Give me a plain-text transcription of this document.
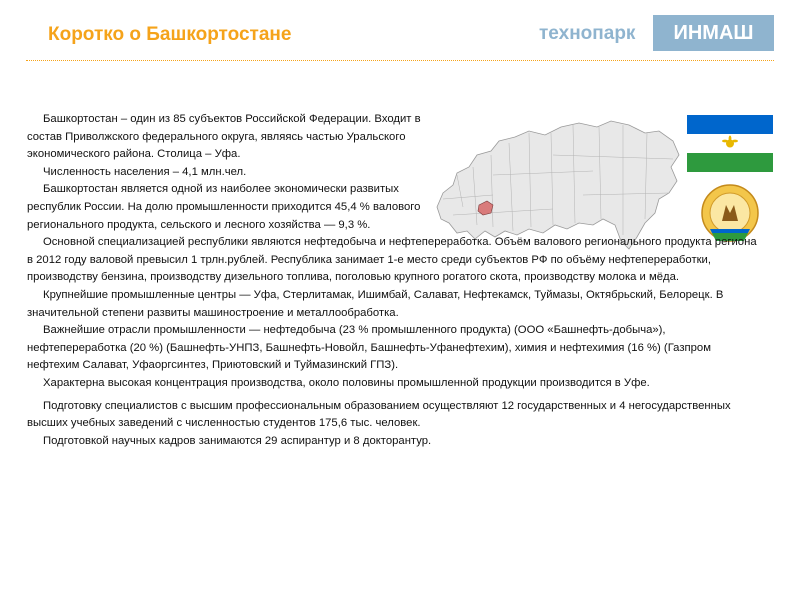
Коротко о Башкортостане	технопарк	ИНМАШ

Башкортостан – один из 85 субъектов Российской Федерации. Входит в состав Приволжского федерального округа, являясь частью Уральского экономического района. Столица – Уфа.

Численность населения – 4,1 млн.чел.

Башкортостан является одной из наиболее экономически развитых республик России. На долю промышленности приходится 45,4 % валового регионального продукта, сельского и лесного хозяйства — 9,3 %.

Основной специализацией республики являются нефтедобыча и нефтепереработка. Объём валового регионального продукта региона в 2012 году валовой превысил 1 трлн.рублей. Республика занимает 1-е место среди субъектов РФ по объёму нефтепереработки, производству бензина, производству дизельного топлива, поголовью крупного рогатого скота, производству молока и мёда.

Крупнейшие промышленные центры — Уфа, Стерлитамак, Ишимбай, Салават, Нефтекамск, Туймазы, Октябрьский, Белорецк. В значительной степени развиты машиностроение и металлообработка.

Важнейшие отрасли промышленности — нефтедобыча (23 % промышленного продукта) (ООО «Башнефть-добыча»), нефтепереработка (20 %) (Башнефть-УНПЗ, Башнефть-Новойл, Башнефть-Уфанефтехим), химия и нефтехимия (16 %) (Газпром нефтехим Салават, Уфаоргсинтез, Приютовский и Туймазинский ГПЗ).

Характерна высокая концентрация производства, около половины промышленной продукции производится в Уфе.

Подготовку специалистов с высшим профессиональным образованием осуществляют 12 государственных и 4 негосударственных высших учебных заведений с численностью студентов 175,6 тыс. человек.

Подготовкой научных кадров занимаются 29 аспирантур и 8 докторантур.
